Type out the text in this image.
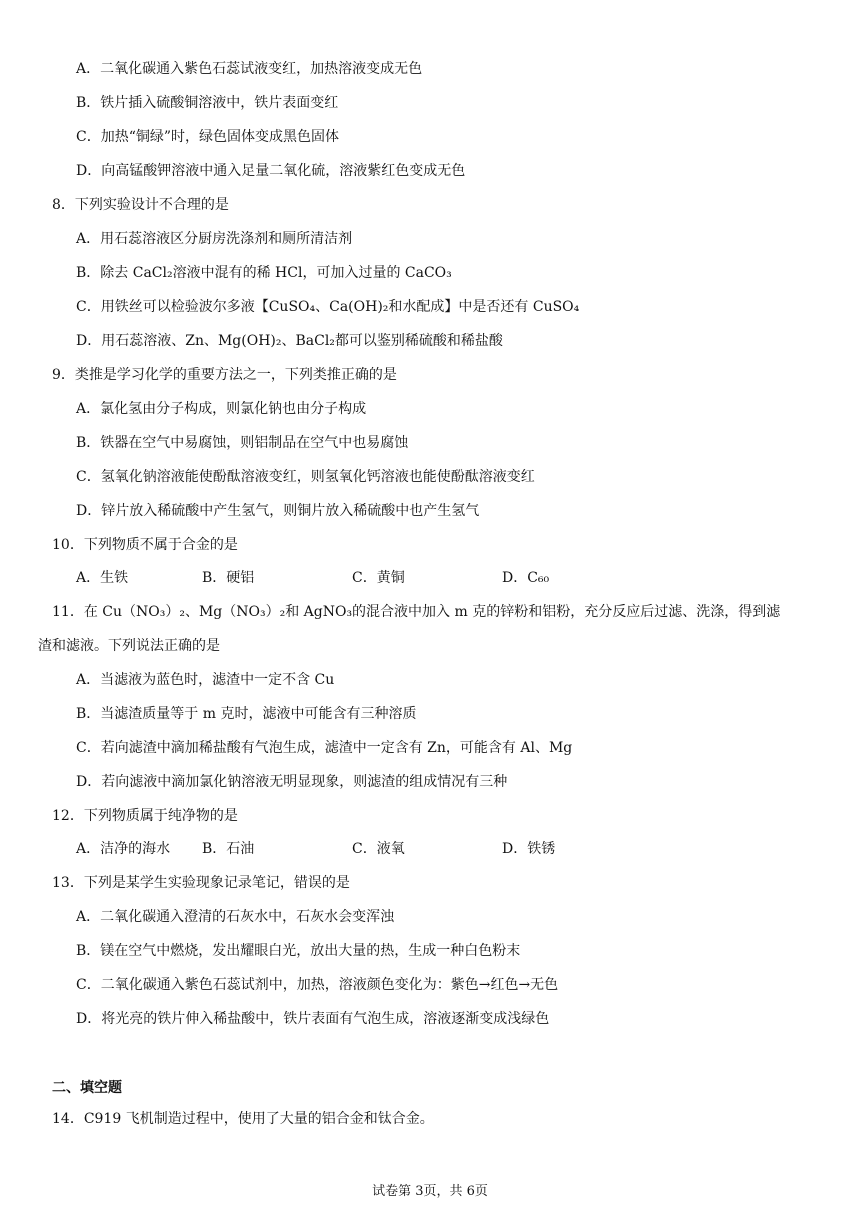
A．二氧化碳通入紫色石蕊试液变红，加热溶液变成无色
B．铁片插入硫酸铜溶液中，铁片表面变红
C．加热“铜绿”时，绿色固体变成黑色固体
D．向高锰酸钾溶液中通入足量二氧化硫，溶液紫红色变成无色
8．下列实验设计不合理的是
A．用石蕊溶液区分厨房洗涤剂和厕所清洁剂
B．除去 CaCl₂溶液中混有的稀 HCl，可加入过量的 CaCO₃
C．用铁丝可以检验波尔多液【CuSO₄、Ca(OH)₂和水配成】中是否还有 CuSO₄
D．用石蕊溶液、Zn、Mg(OH)₂、BaCl₂都可以鉴别稀硫酸和稀盐酸
9．类推是学习化学的重要方法之一，下列类推正确的是
A．氯化氢由分子构成，则氯化钠也由分子构成
B．铁器在空气中易腐蚀，则铝制品在空气中也易腐蚀
C．氢氧化钠溶液能使酚酞溶液变红，则氢氧化钙溶液也能使酚酞溶液变红
D．锌片放入稀硫酸中产生氢气，则铜片放入稀硫酸中也产生氢气
10．下列物质不属于合金的是
A．生铁	B．硬铝	C．黄铜	D．C₆₀
11．在 Cu（NO₃）₂、Mg（NO₃）₂和 AgNO₃的混合液中加入 m 克的锌粉和铝粉，充分反应后过滤、洗涤，得到滤
渣和滤液。下列说法正确的是
A．当滤液为蓝色时，滤渣中一定不含 Cu
B．当滤渣质量等于 m 克时，滤液中可能含有三种溶质
C．若向滤渣中滴加稀盐酸有气泡生成，滤渣中一定含有 Zn，可能含有 Al、Mg
D．若向滤液中滴加氯化钠溶液无明显现象，则滤渣的组成情况有三种
12．下列物质属于纯净物的是
A．洁净的海水 B．石油	C．液氧	D．铁锈
13．下列是某学生实验现象记录笔记，错误的是
A．二氧化碳通入澄清的石灰水中，石灰水会变浑浊
B．镁在空气中燃烧，发出耀眼白光，放出大量的热，生成一种白色粉末
C．二氧化碳通入紫色石蕊试剂中，加热，溶液颜色变化为：紫色→红色→无色
D．将光亮的铁片伸入稀盐酸中，铁片表面有气泡生成，溶液逐渐变成浅绿色
二、填空题
14．C919 飞机制造过程中，使用了大量的铝合金和钛合金。
试卷第 3页，共 6页
